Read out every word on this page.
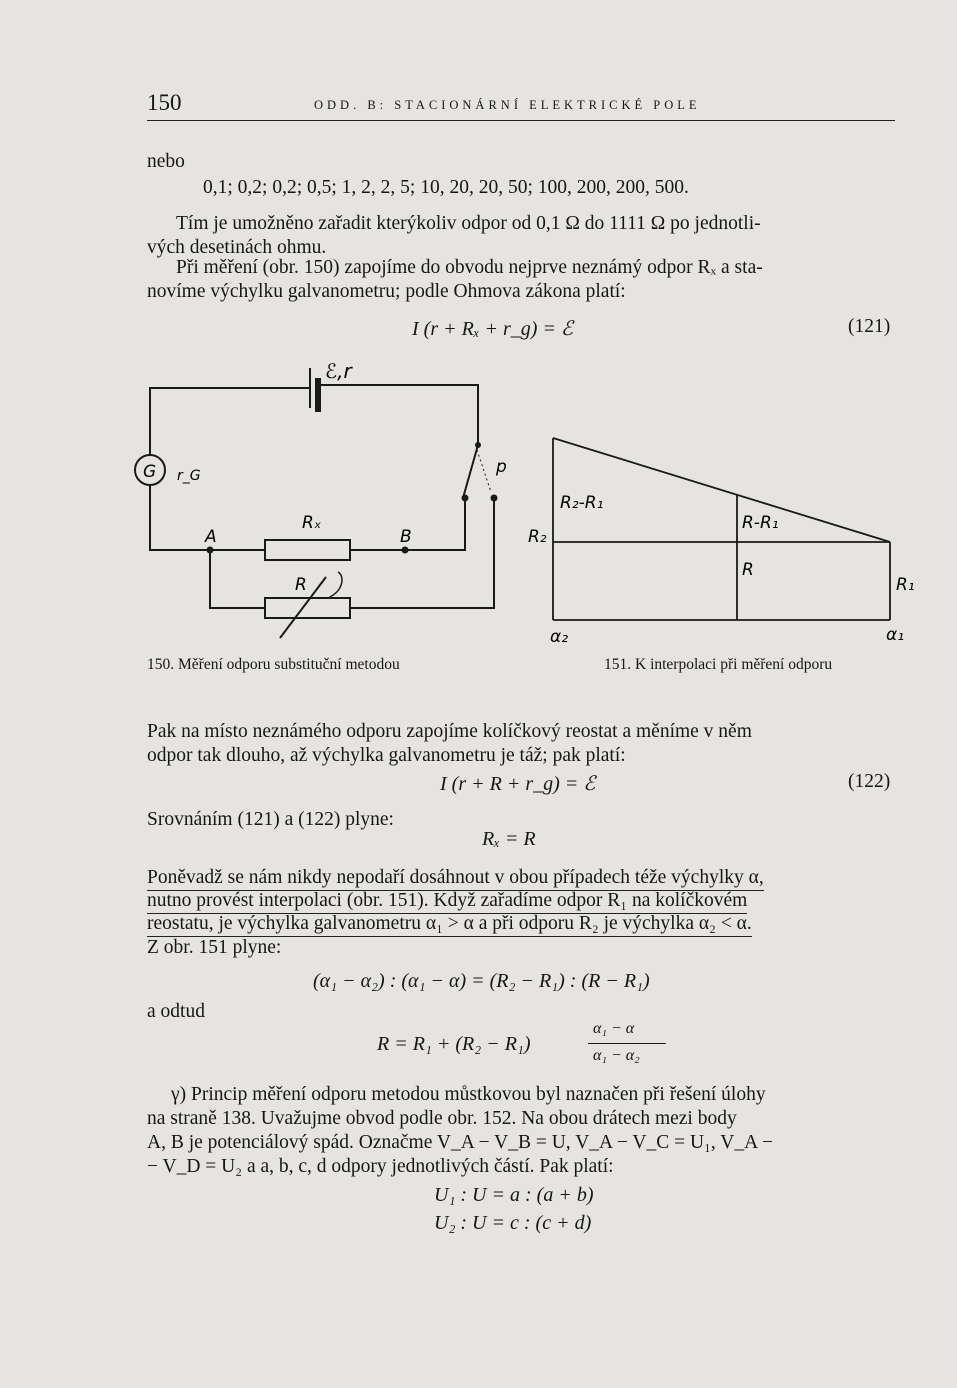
150	ODD. B: STACIONÁRNÍ ELEKTRICKÉ POLE
nebo
0,1; 0,2; 0,2; 0,5; 1, 2, 2, 5; 10, 20, 20, 50; 100, 200, 200, 500.
Tím je umožněno zařadit kterýkoliv odpor od 0,1 Ω do 1111 Ω po jednotli-
vých desetinách ohmu.
Při měření (obr. 150) zapojíme do obvodu nejprve neznámý odpor Rₓ a sta-
novíme výchylku galvanometru; podle Ohmova zákona platí:
I (r + Rₓ + r_g) = ℰ	(121)
ℰ,r
G r_G
A	B
Rₓ
R
p
R₂-R₁
R-R₁
R
R₂
R₁
α₂	α₁
150. Měření odporu substituční metodou	151. K interpolaci při měření odporu
Pak na místo neznámého odporu zapojíme kolíčkový reostat a měníme v něm
odpor tak dlouho, až výchylka galvanometru je táž; pak platí:
I (r + R + r_g) = ℰ	(122)
Srovnáním (121) a (122) plyne:
Rₓ = R
Poněvadž se nám nikdy nepodaří dosáhnout v obou případech téže výchylky α,
nutno provést interpolaci (obr. 151). Když zařadíme odpor R₁ na kolíčkovém
reostatu, je výchylka galvanometru α₁ > α a při odporu R₂ je výchylka α₂ < α.
Z obr. 151 plyne:
(α₁ − α₂) : (α₁ − α) = (R₂ − R₁) : (R − R₁)
a odtud
R = R₁ + (R₂ − R₁)
α₁ − α
α₁ − α₂
γ) Princip měření odporu metodou můstkovou byl naznačen při řešení úlohy
na straně 138. Uvažujme obvod podle obr. 152. Na obou drátech mezi body
A, B je potenciálový spád. Označme V_A − V_B = U, V_A − V_C = U₁, V_A −
− V_D = U₂ a a, b, c, d odpory jednotlivých částí. Pak platí:
U₁ : U = a : (a + b)
U₂ : U = c : (c + d)
